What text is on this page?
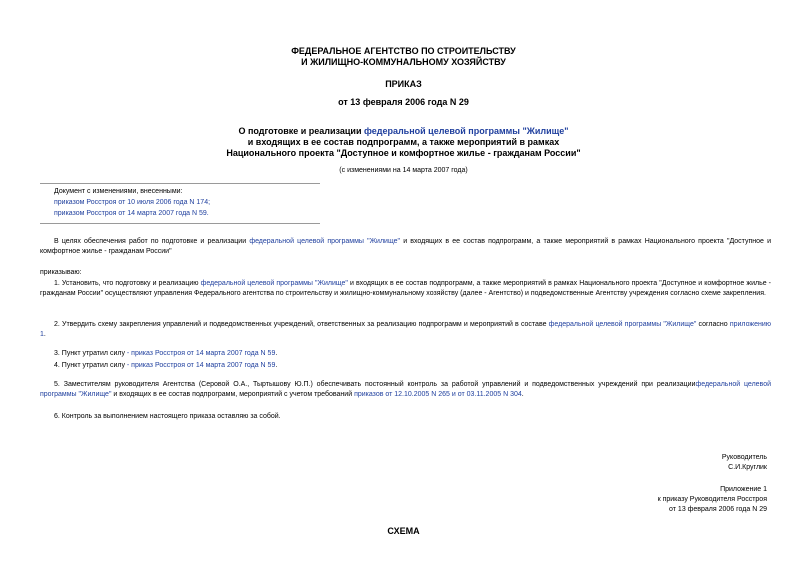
ФЕДЕРАЛЬНОЕ АГЕНТСТВО ПО СТРОИТЕЛЬСТВУ
И ЖИЛИЩНО-КОММУНАЛЬНОМУ ХОЗЯЙСТВУ
ПРИКАЗ
от 13 февраля 2006 года N 29
О подготовке и реализации федеральной целевой программы "Жилище"
и входящих в ее состав подпрограмм, а также мероприятий в рамках
Национального проекта "Доступное и комфортное жилье - гражданам России"
(с изменениями на 14 марта 2007 года)
Документ с изменениями, внесенными:
приказом Росстроя от 10 июля 2006 года N 174;
приказом Росстроя от 14 марта 2007 года N 59.
В целях обеспечения работ по подготовке и реализации федеральной целевой программы "Жилище" и входящих в ее состав подпрограмм, а также мероприятий в рамках Национального проекта "Доступное и комфортное жилье - гражданам России"
приказываю:
1. Установить, что подготовку и реализацию федеральной целевой программы "Жилище" и входящих в ее состав подпрограмм, а также мероприятий в рамках Национального проекта "Доступное и комфортное жилье - гражданам России" осуществляют управления Федерального агентства по строительству и жилищно-коммунальному хозяйству (далее - Агентство) и подведомственные Агентству учреждения согласно схеме закрепления.
2. Утвердить схему закрепления управлений и подведомственных учреждений, ответственных за реализацию подпрограмм и мероприятий в составе федеральной целевой программы "Жилище" согласно приложению 1.
3. Пункт утратил силу - приказ Росстроя от 14 марта 2007 года N 59.
4. Пункт утратил силу - приказ Росстроя от 14 марта 2007 года N 59.
5. Заместителям руководителя Агентства (Серовой О.А., Тыртышову Ю.П.) обеспечивать постоянный контроль за работой управлений и подведомственных учреждений при реализациифедеральной целевой программы "Жилище" и входящих в ее состав подпрограмм, мероприятий с учетом требований приказов от 12.10.2005 N 265 и от 03.11.2005 N 304.
6. Контроль за выполнением настоящего приказа оставляю за собой.
Руководитель
С.И.Круглик
Приложение 1
к приказу Руководителя Росстроя
от 13 февраля 2006 года N 29
СХЕМА
